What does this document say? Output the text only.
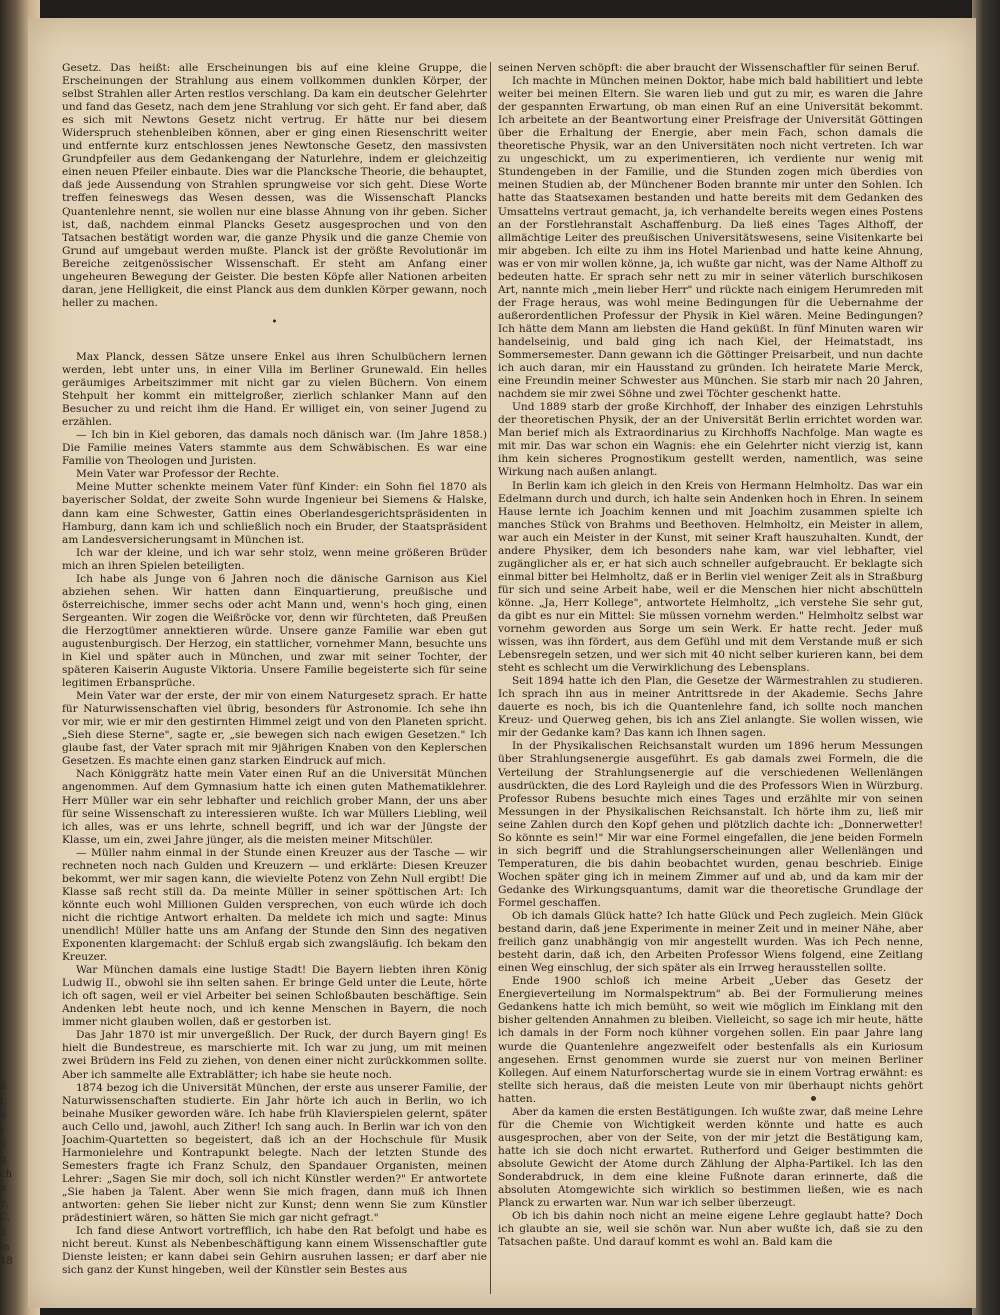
ß
t,
e
r
k
g.
ch
n
e,
C,
n
in
18

Gesetz. Das heißt: alle Erscheinungen bis auf eine kleine Gruppe, die Erscheinungen der Strahlung aus einem vollkommen dunklen Körper, der selbst Strahlen aller Arten restlos verschlang. Da kam ein deutscher Gelehrter und fand das Gesetz, nach dem jene Strahlung vor sich geht. Er fand aber, daß es sich mit Newtons Gesetz nicht vertrug. Er hätte nur bei diesem Widerspruch stehenbleiben können, aber er ging einen Riesenschritt weiter und entfernte kurz entschlossen jenes Newtonsche Gesetz, den massivsten Grundpfeiler aus dem Gedankengang der Naturlehre, indem er gleichzeitig einen neuen Pfeiler einbaute. Dies war die Plancksche Theorie, die behauptet, daß jede Aussendung von Strahlen sprungweise vor sich geht. Diese Worte treffen feineswegs das Wesen dessen, was die Wissenschaft Plancks Quantenlehre nennt, sie wollen nur eine blasse Ahnung von ihr geben. Sicher ist, daß, nachdem einmal Plancks Gesetz ausgesprochen und von den Tatsachen bestätigt worden war, die ganze Physik und die ganze Chemie von Grund auf umgebaut werden mußte. Planck ist der größte Revolutionär im Bereiche zeitgenössischer Wissenschaft. Er steht am Anfang einer ungeheuren Bewegung der Geister. Die besten Köpfe aller Nationen arbeiten daran, jene Helligkeit, die einst Planck aus dem dunklen Körper gewann, noch heller zu machen.

•

Max Planck, dessen Sätze unsere Enkel aus ihren Schulbüchern lernen werden, lebt unter uns, in einer Villa im Berliner Grunewald. Ein helles geräumiges Arbeitszimmer mit nicht gar zu vielen Büchern. Von einem Stehpult her kommt ein mittelgroßer, zierlich schlanker Mann auf den Besucher zu und reicht ihm die Hand. Er williget ein, von seiner Jugend zu erzählen.

— Ich bin in Kiel geboren, das damals noch dänisch war. (Im Jahre 1858.) Die Familie meines Vaters stammte aus dem Schwäbischen. Es war eine Familie von Theologen und Juristen.

Mein Vater war Professor der Rechte.

Meine Mutter schenkte meinem Vater fünf Kinder: ein Sohn fiel 1870 als bayerischer Soldat, der zweite Sohn wurde Ingenieur bei Siemens & Halske, dann kam eine Schwester, Gattin eines Oberlandesgerichtspräsidenten in Hamburg, dann kam ich und schließlich noch ein Bruder, der Staatspräsident am Landesversicherungsamt in München ist.

Ich war der kleine, und ich war sehr stolz, wenn meine größeren Brüder mich an ihren Spielen beteiligten.

Ich habe als Junge von 6 Jahren noch die dänische Garnison aus Kiel abziehen sehen. Wir hatten dann Einquartierung, preußische und österreichische, immer sechs oder acht Mann und, wenn's hoch ging, einen Sergeanten. Wir zogen die Weißröcke vor, denn wir fürchteten, daß Preußen die Herzogtümer annektieren würde. Unsere ganze Familie war eben gut augustenburgisch. Der Herzog, ein stattlicher, vornehmer Mann, besuchte uns in Kiel und später auch in München, und zwar mit seiner Tochter, der späteren Kaiserin Auguste Viktoria. Unsere Familie begeisterte sich für seine legitimen Erbansprüche.

Mein Vater war der erste, der mir von einem Naturgesetz sprach. Er hatte für Naturwissenschaften viel übrig, besonders für Astronomie. Ich sehe ihn vor mir, wie er mir den gestirnten Himmel zeigt und von den Planeten spricht. „Sieh diese Sterne", sagte er, „sie bewegen sich nach ewigen Gesetzen." Ich glaube fast, der Vater sprach mit mir 9jährigen Knaben von den Keplerschen Gesetzen. Es machte einen ganz starken Eindruck auf mich.

Nach Königgrätz hatte mein Vater einen Ruf an die Universität München angenommen. Auf dem Gymnasium hatte ich einen guten Mathematiklehrer. Herr Müller war ein sehr lebhafter und reichlich grober Mann, der uns aber für seine Wissenschaft zu interessieren wußte. Ich war Müllers Liebling, weil ich alles, was er uns lehrte, schnell begriff, und ich war der Jüngste der Klasse, um ein, zwei Jahre jünger, als die meisten meiner Mitschüler.

— Müller nahm einmal in der Stunde einen Kreuzer aus der Tasche — wir rechneten noch nach Gulden und Kreuzern — und erklärte: Diesen Kreuzer bekommt, wer mir sagen kann, die wievielte Potenz von Zehn Null ergibt! Die Klasse saß recht still da. Da meinte Müller in seiner spöttischen Art: Ich könnte euch wohl Millionen Gulden versprechen, von euch würde ich doch nicht die richtige Antwort erhalten. Da meldete ich mich und sagte: Minus unendlich! Müller hatte uns am Anfang der Stunde den Sinn des negativen Exponenten klargemacht: der Schluß ergab sich zwangsläufig. Ich bekam den Kreuzer.

War München damals eine lustige Stadt! Die Bayern liebten ihren König Ludwig II., obwohl sie ihn selten sahen. Er bringe Geld unter die Leute, hörte ich oft sagen, weil er viel Arbeiter bei seinen Schloßbauten beschäftige. Sein Andenken lebt heute noch, und ich kenne Menschen in Bayern, die noch immer nicht glauben wollen, daß er gestorben ist.

Das Jahr 1870 ist mir unvergeßlich. Der Ruck, der durch Bayern ging! Es hielt die Bundestreue, es marschierte mit. Ich war zu jung, um mit meinen zwei Brüdern ins Feld zu ziehen, von denen einer nicht zurückkommen sollte. Aber ich sammelte alle Extrablätter; ich habe sie heute noch.

1874 bezog ich die Universität München, der erste aus unserer Familie, der Naturwissenschaften studierte. Ein Jahr hörte ich auch in Berlin, wo ich beinahe Musiker geworden wäre. Ich habe früh Klavierspielen gelernt, später auch Cello und, jawohl, auch Zither! Ich sang auch. In Berlin war ich von den Joachim-Quartetten so begeistert, daß ich an der Hochschule für Musik Harmonielehre und Kontrapunkt belegte. Nach der letzten Stunde des Semesters fragte ich Franz Schulz, den Spandauer Organisten, meinen Lehrer: „Sagen Sie mir doch, soll ich nicht Künstler werden?" Er antwortete „Sie haben ja Talent. Aber wenn Sie mich fragen, dann muß ich Ihnen antworten: gehen Sie lieber nicht zur Kunst; denn wenn Sie zum Künstler prädestiniert wären, so hätten Sie mich gar nicht gefragt."

Ich fand diese Antwort vortrefflich, ich habe den Rat befolgt und habe es nicht bereut. Kunst als Nebenbeschäftigung kann einem Wissenschaftler gute Dienste leisten; er kann dabei sein Gehirn ausruhen lassen; er darf aber nie sich ganz der Kunst hingeben, weil der Künstler sein Bestes aus

seinen Nerven schöpft: die aber braucht der Wissenschaftler für seinen Beruf.

Ich machte in München meinen Doktor, habe mich bald habilitiert und lebte weiter bei meinen Eltern. Sie waren lieb und gut zu mir, es waren die Jahre der gespannten Erwartung, ob man einen Ruf an eine Universität bekommt. Ich arbeitete an der Beantwortung einer Preisfrage der Universität Göttingen über die Erhaltung der Energie, aber mein Fach, schon damals die theoretische Physik, war an den Universitäten noch nicht vertreten. Ich war zu ungeschickt, um zu experimentieren, ich verdiente nur wenig mit Stundengeben in der Familie, und die Stunden zogen mich überdies von meinen Studien ab, der Münchener Boden brannte mir unter den Sohlen. Ich hatte das Staatsexamen bestanden und hatte bereits mit dem Gedanken des Umsattelns vertraut gemacht, ja, ich verhandelte bereits wegen eines Postens an der Forstlehranstalt Aschaffenburg. Da ließ eines Tages Althoff, der allmächtige Leiter des preußischen Universitätswesens, seine Visitenkarte bei mir abgeben. Ich eilte zu ihm ins Hotel Marienbad und hatte keine Ahnung, was er von mir wollen könne, ja, ich wußte gar nicht, was der Name Althoff zu bedeuten hatte. Er sprach sehr nett zu mir in seiner väterlich burschikosen Art, nannte mich „mein lieber Herr" und rückte nach einigem Herumreden mit der Frage heraus, was wohl meine Bedingungen für die Uebernahme der außerordentlichen Professur der Physik in Kiel wären. Meine Bedingungen? Ich hätte dem Mann am liebsten die Hand geküßt. In fünf Minuten waren wir handelseinig, und bald ging ich nach Kiel, der Heimatstadt, ins Sommersemester. Dann gewann ich die Göttinger Preisarbeit, und nun dachte ich auch daran, mir ein Hausstand zu gründen. Ich heiratete Marie Merck, eine Freundin meiner Schwester aus München. Sie starb mir nach 20 Jahren, nachdem sie mir zwei Söhne und zwei Töchter geschenkt hatte.

Und 1889 starb der große Kirchhoff, der Inhaber des einzigen Lehrstuhls der theoretischen Physik, der an der Universität Berlin errichtet worden war. Man berief mich als Extraordinarius zu Kirchhoffs Nachfolge. Man wagte es mit mir. Das war schon ein Wagnis: ehe ein Gelehrter nicht vierzig ist, kann ihm kein sicheres Prognostikum gestellt werden, namentlich, was seine Wirkung nach außen anlangt.

In Berlin kam ich gleich in den Kreis von Hermann Helmholtz. Das war ein Edelmann durch und durch, ich halte sein Andenken hoch in Ehren. In seinem Hause lernte ich Joachim kennen und mit Joachim zusammen spielte ich manches Stück von Brahms und Beethoven. Helmholtz, ein Meister in allem, war auch ein Meister in der Kunst, mit seiner Kraft hauszuhalten. Kundt, der andere Physiker, dem ich besonders nahe kam, war viel lebhafter, viel zugänglicher als er, er hat sich auch schneller aufgebraucht. Er beklagte sich einmal bitter bei Helmholtz, daß er in Berlin viel weniger Zeit als in Straßburg für sich und seine Arbeit habe, weil er die Menschen hier nicht abschütteln könne. „Ja, Herr Kollege", antwortete Helmholtz, „ich verstehe Sie sehr gut, da gibt es nur ein Mittel: Sie müssen vornehm werden." Helmholtz selbst war vornehm geworden aus Sorge um sein Werk. Er hatte recht. Jeder muß wissen, was ihn fördert, aus dem Gefühl und mit dem Verstande muß er sich Lebensregeln setzen, und wer sich mit 40 nicht selber kurieren kann, bei dem steht es schlecht um die Verwirklichung des Lebensplans.

Seit 1894 hatte ich den Plan, die Gesetze der Wärmestrahlen zu studieren. Ich sprach ihn aus in meiner Antrittsrede in der Akademie. Sechs Jahre dauerte es noch, bis ich die Quantenlehre fand, ich sollte noch manchen Kreuz- und Querweg gehen, bis ich ans Ziel anlangte. Sie wollen wissen, wie mir der Gedanke kam? Das kann ich Ihnen sagen.

In der Physikalischen Reichsanstalt wurden um 1896 herum Messungen über Strahlungsenergie ausgeführt. Es gab damals zwei Formeln, die die Verteilung der Strahlungsenergie auf die verschiedenen Wellenlängen ausdrückten, die des Lord Rayleigh und die des Professors Wien in Würzburg. Professor Rubens besuchte mich eines Tages und erzählte mir von seinen Messungen in der Physikalischen Reichsanstalt. Ich hörte ihm zu, ließ mir seine Zahlen durch den Kopf gehen und plötzlich dachte ich: „Donnerwetter! So könnte es sein!" Mir war eine Formel eingefallen, die jene beiden Formeln in sich begriff und die Strahlungserscheinungen aller Wellenlängen und Temperaturen, die bis dahin beobachtet wurden, genau beschrieb. Einige Wochen später ging ich in meinem Zimmer auf und ab, und da kam mir der Gedanke des Wirkungsquantums, damit war die theoretische Grundlage der Formel geschaffen.

Ob ich damals Glück hatte? Ich hatte Glück und Pech zugleich. Mein Glück bestand darin, daß jene Experimente in meiner Zeit und in meiner Nähe, aber freilich ganz unabhängig von mir angestellt wurden. Was ich Pech nenne, besteht darin, daß ich, den Arbeiten Professor Wiens folgend, eine Zeitlang einen Weg einschlug, der sich später als ein Irrweg herausstellen sollte.

Ende 1900 schloß ich meine Arbeit „Ueber das Gesetz der Energieverteilung im Normalspektrum" ab. Bei der Formulierung meines Gedankens hatte ich mich bemüht, so weit wie möglich im Einklang mit den bisher geltenden Annahmen zu bleiben. Vielleicht, so sage ich mir heute, hätte ich damals in der Form noch kühner vorgehen sollen. Ein paar Jahre lang wurde die Quantenlehre angezweifelt oder bestenfalls als ein Kuriosum angesehen. Ernst genommen wurde sie zuerst nur von meinen Berliner Kollegen. Auf einem Naturforschertag wurde sie in einem Vortrag erwähnt: es stellte sich heraus, daß die meisten Leute von mir überhaupt nichts gehört hatten.

Aber da kamen die ersten Bestätigungen. Ich wußte zwar, daß meine Lehre für die Chemie von Wichtigkeit werden könnte und hatte es auch ausgesprochen, aber von der Seite, von der mir jetzt die Bestätigung kam, hatte ich sie doch nicht erwartet. Rutherford und Geiger bestimmten die absolute Gewicht der Atome durch Zählung der Alpha-Partikel. Ich las den Sonderabdruck, in dem eine kleine Fußnote daran erinnerte, daß die absoluten Atomgewichte sich wirklich so bestimmen ließen, wie es nach Planck zu erwarten war. Nun war ich selber überzeugt.

Ob ich bis dahin noch nicht an meine eigene Lehre geglaubt hatte? Doch ich glaubte an sie, weil sie schön war. Nun aber wußte ich, daß sie zu den Tatsachen paßte. Und darauf kommt es wohl an. Bald kam die
